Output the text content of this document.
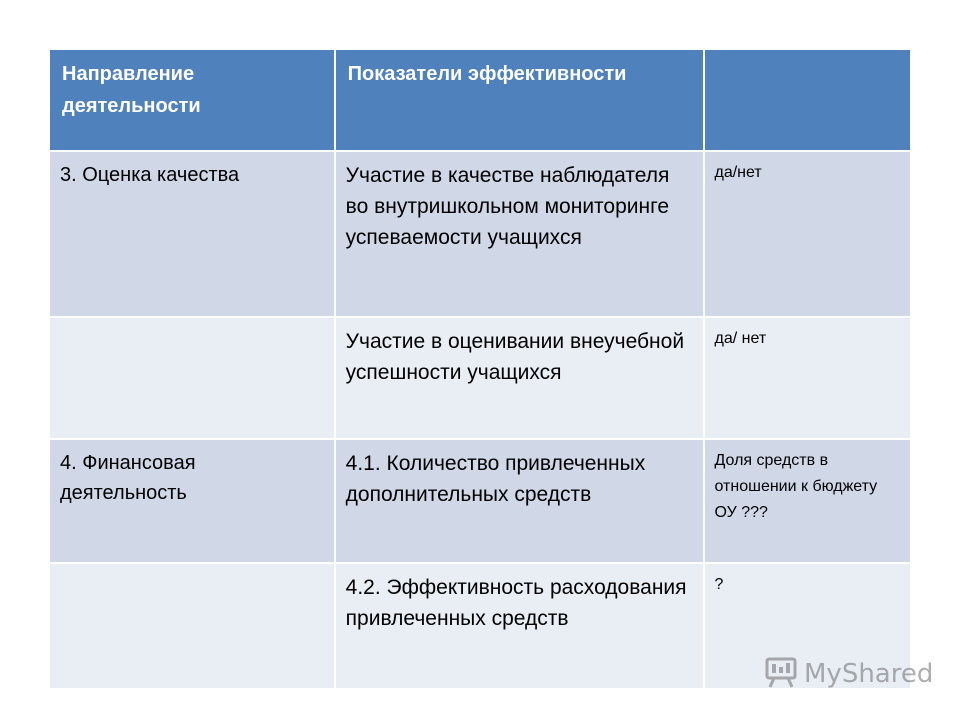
Направление деятельности	Показатели эффективности	

3. Оценка качества	Участие в качестве наблюдателя во внутришкольном мониторинге успеваемости учащихся	да/нет

	Участие в оценивании внеучебной успешности учащихся	да/ нет

4. Финансовая деятельность	4.1. Количество привлеченных дополнительных средств	Доля средств в отношении к бюджету ОУ ???

	4.2. Эффективность расходования привлеченных средств	?
MyShared
